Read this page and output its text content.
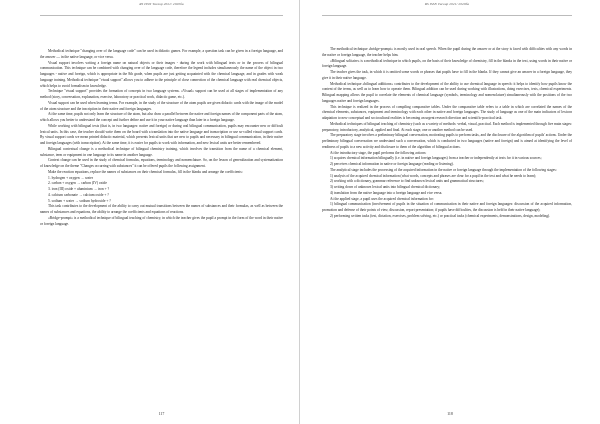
RS ISSN Тасвир 2021/ 2020ба

Methodical technique "changing over of the language code" can be used in didactic games. For example, a question task can be given in a foreign language, and the answer — in the native language, or vice versa.

Visual support involves writing a foreign name on natural objects or their images - during the work with bilingual texts or in the process of bilingual communication. This technique can be combined with changing over of the language code, therefore the legend includes simultaneously the name of the object in two languages - native and foreign, which is appropriate in the 8th grade, when pupils are just getting acquainted with the chemical language, and in grades with weak language training. Methodical technique "visual support" allows you to adhere to the principle of close connection of the chemical language with real chemical objects, which helps to avoid formalism in knowledge.

Technique "visual support" provides the formation of concepts in two language systems. «Visual» support can be used at all stages of implementation of any method (story, conversation, explanation, exercise, laboratory or practical work, didactic game, etc.).

Visual support can be used when learning terms. For example, in the study of the structure of the atom pupils are given didactic cards with the image of the model of the atom structure and the inscription in their native and foreign languages.

At the same time, pupils not only learn the structure of the atom, but also draw a parallel between the native and foreign names of the component parts of the atom, which allows you better to understand the concept and further define and use it in your native language than later in a foreign language.

While working with bilingual texts (that is, in two languages: native and foreign) or during oral bilingual communication, pupils may encounter new or difficult lexical units. In this case, the teacher should write them on the board with a translation into the native language and transcription or use so-called visual support cards. By visual support cards we mean printed didactic material, which presents lexical units that are new to pupils and necessary in bilingual communication, in their native and foreign languages (with transcription). At the same time, it is easier for pupils to work with information, and new lexical units are better remembered.

Bilingual contextual change is a methodical technique of bilingual chemistry training, which involves the transition from the name of a chemical element, substance, term or equipment in one language to its name in another language.

Context change can be used in the study of chemical formulas, equations, terminology and nomenclature. So, on the lesson of generalization and systematization of knowledge on the theme "Changes occurring with substances" it can be offered pupils the following assignment.

Make the reaction equations, replace the names of substances on their chemical formulas, fill in the blanks and arrange the coefficients:

1. hydrogen + oxygen → water

2. carbon + oxygen → carbon (IV) oxide

3. iron (III) oxide + aluminium → iron + ?

4. calcium carbonate → calcium oxide + ?

5. sodium + water → sodium hydroxide + ?

This task contributes to the development of the ability to carry out mutual transitions between the names of substances and their formulas, as well as between the names of substances and equations, the ability to arrange the coefficients and equations of reactions.

«Bridge-prompt» is a methodical technique of bilingual teaching of chemistry, in which the teacher gives the pupil a prompt in the form of the word in their native or foreign language.

117
RS ISSN Тасвир 2021/ 2020ба

The methodical technique «bridge-prompt» is mostly used in oral speech. When the pupil during the answer or at the story is faced with difficulties with any words in the native or foreign language, the teacher helps him.

«Bilingual solitaire» is a methodical technique in which pupils, on the basis of their knowledge of chemistry, fill in the blanks in the text, using words in their native or foreign language.

The teacher gives the task, in which it is omitted some words or phrases that pupils have to fill in the blanks. If they cannot give an answer in a foreign language, they give it in their native language.

Methodical technique «bilingual additions» contributes to the development of the ability to use chemical language in speech: it helps to identify how pupils know the content of the terms, as well as to learn how to operate them. Bilingual addition can be used during working with illustrations, doing exercises, tests, chemical experiments. Bilingual mapping allows the pupil to correlate the elements of chemical language (symbols, terminology and nomenclature) simultaneously with the positions of the two languages native and foreign languages.

This technique is realized in the process of compiling comparative tables. Under the comparative table refers to a table in which are correlated the names of the chemical elements, substances, equipment and terminology with each other in native and foreign languages. The study of language as one of the main indicators of lexicon adaptation to new conceptual and sociocultural realities is becoming an urgent research direction and scientific-practical task.

Methodical techniques of bilingual teaching of chemistry (such as a variety of methods: verbal, visual, practical. Each method is implemented through five main stages: preparatory, introductory, analytical, applied and final. At each stage, one or another method can be used.

The preparatory stage involves a preliminary bilingual conversation, motivating pupils to perform tasks, and the disclosure of the algorithm of pupils' actions. Under the preliminary bilingual conversation we understand such a conversation, which is conducted in two languages (native and foreign) and is aimed at identifying the level of readiness of pupils to a new activity and disclosure to them of the algorithm of bilingual actions.

At the introductory stage, the pupil performs the following actions:

1) acquires chemical information bilingually (i.e. in native and foreign languages) from a teacher or independently at texts for it in various sources;

2) perceives chemical information in native or foreign language (reading or listening).

The analytical stage includes the processing of the acquired information in the native or foreign language through the implementation of the following stages:

1) analysis of the acquired chemical information (what words, concepts and phrases are clear for a pupil in the text and what he needs to learn);

2) working with a dictionary, grammar reference to find unknown lexical units and grammatical structures;

3) writing down of unknown lexical units into bilingual chemical dictionary;

4) translation from the native language into a foreign language and vice versa.

At the applied stage, a pupil uses the acquired chemical information for:

1) bilingual communication (involvement of pupils in the situation of communication in their native and foreign languages: discussion of the acquired information, promotion and defense of their points of view, discussion, report presentation; if pupils have difficulties, the discussion is held in their native language);

2) performing written tasks (test, dictation, exercises, problem solving, etc.) or practical tasks (chemical experiments, demonstrations, design, modeling).

118
